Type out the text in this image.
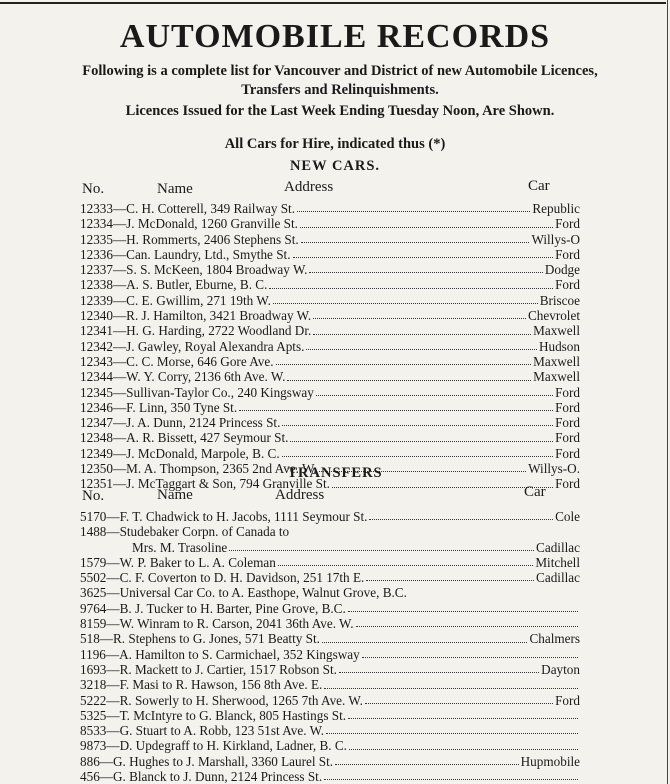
AUTOMOBILE RECORDS

Following is a complete list for Vancouver and District of new Automobile Licences, Transfers and Relinquishments.

Licences Issued for the Last Week Ending Tuesday Noon, Are Shown.

All Cars for Hire, indicated thus (*)
NEW CARS.
No.	Name	Address	Car
12333 — C. H. Cotterell, 349 Railway St.	Republic
12334 — J. McDonald, 1260 Granville St.	Ford
12335 — H. Rommerts, 2406 Stephens St.	Willys-O
12336 — Can. Laundry, Ltd., Smythe St.	Ford
12337 — S. S. McKeen, 1804 Broadway W.	Dodge
12338 — A. S. Butler, Eburne, B. C.	Ford
12339 — C. E. Gwillim, 271 19th W.	Briscoe
12340 — R. J. Hamilton, 3421 Broadway W.	Chevrolet
12341 — H. G. Harding, 2722 Woodland Dr.	Maxwell
12342 — J. Gawley, Royal Alexandra Apts.	Hudson
12343 — C. C. Morse, 646 Gore Ave.	Maxwell
12344 — W. Y. Corry, 2136 6th Ave. W.	Maxwell
12345 — Sullivan-Taylor Co., 240 Kingsway	Ford
12346 — F. Linn, 350 Tyne St.	Ford
12347 — J. A. Dunn, 2124 Princess St.	Ford
12348 — A. R. Bissett, 427 Seymour St.	Ford
12349 — J. McDonald, Marpole, B. C.	Ford
12350 — M. A. Thompson, 2365 2nd Ave. W.	Willys-O.
12351 — J. McTaggart & Son, 794 Granville St.	Ford
TRANSFERS
No.	Name	Address	Car
5170 — F. T. Chadwick to H. Jacobs, 1111 Seymour St.	Cole
1488 — Studebaker Corpn. of Canada to
Mrs. M. Trasoline	Cadillac
1579 — W. P. Baker to L. A. Coleman	Mitchell
5502 — C. F. Coverton to D. H. Davidson, 251 17th E.	Cadillac
3625 — Universal Car Co. to A. Easthope, Walnut Grove, B.C.
9764 — B. J. Tucker to H. Barter, Pine Grove, B.C.
8159 — W. Winram to R. Carson, 2041 36th Ave. W.
518 — R. Stephens to G. Jones, 571 Beatty St.	Chalmers
1196 — A. Hamilton to S. Carmichael, 352 Kingsway
1693 — R. Mackett to J. Cartier, 1517 Robson St.	Dayton
3218 — F. Masi to R. Hawson, 156 8th Ave. E.
5222 — R. Sowerly to H. Sherwood, 1265 7th Ave. W.	Ford
5325 — T. McIntyre to G. Blanck, 805 Hastings St.
8533 — G. Stuart to A. Robb, 123 51st Ave. W.
9873 — D. Updegraff to H. Kirkland, Ladner, B. C.
886 — G. Hughes to J. Marshall, 3360 Laurel St.	Hupmobile
456 — G. Blanck to J. Dunn, 2124 Princess St.
